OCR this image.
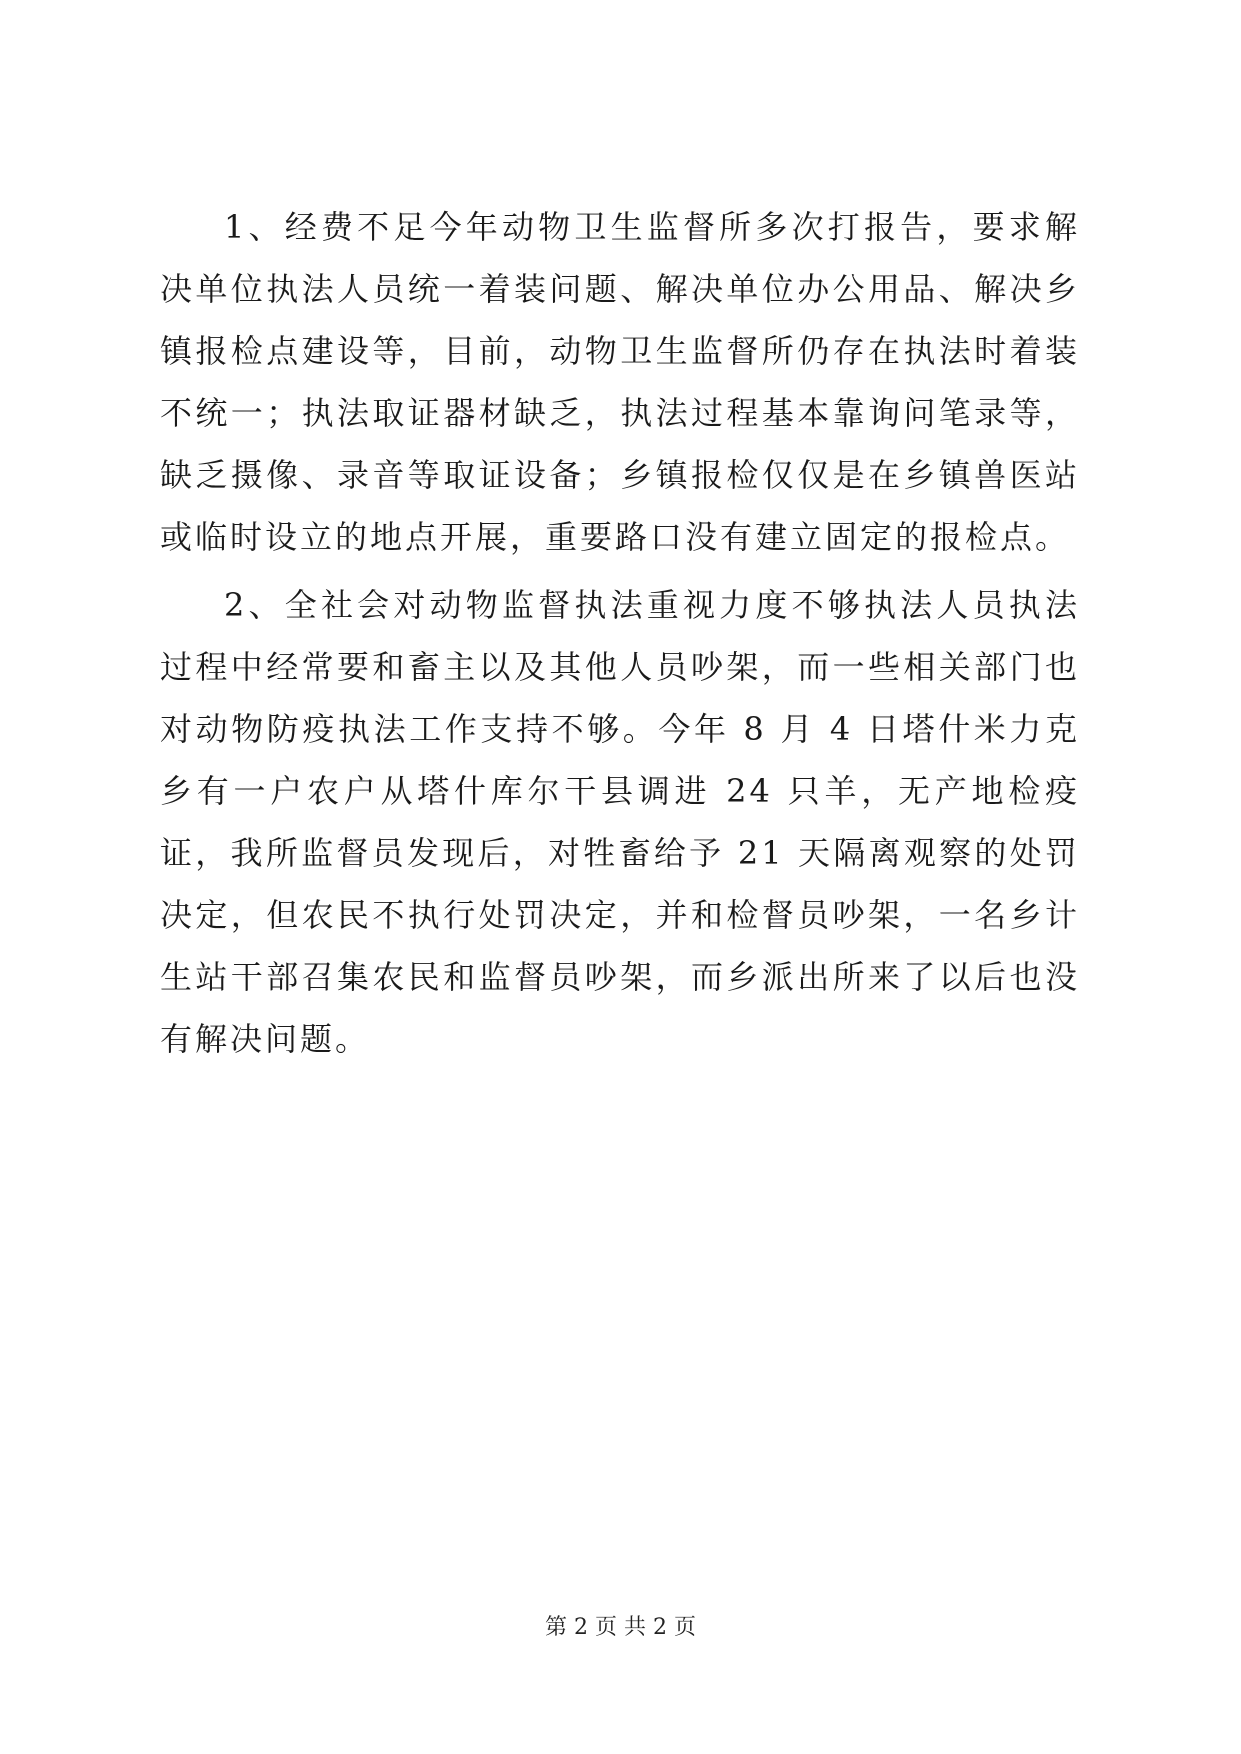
1、经费不足今年动物卫生监督所多次打报告，要求解决单位执法人员统一着装问题、解决单位办公用品、解决乡镇报检点建设等，目前，动物卫生监督所仍存在执法时着装不统一；执法取证器材缺乏，执法过程基本靠询问笔录等，缺乏摄像、录音等取证设备；乡镇报检仅仅是在乡镇兽医站或临时设立的地点开展，重要路口没有建立固定的报检点。

2、全社会对动物监督执法重视力度不够执法人员执法过程中经常要和畜主以及其他人员吵架，而一些相关部门也对动物防疫执法工作支持不够。今年 8 月 4 日塔什米力克乡有一户农户从塔什库尔干县调进 24 只羊，无产地检疫证，我所监督员发现后，对牲畜给予 21 天隔离观察的处罚决定，但农民不执行处罚决定，并和检督员吵架，一名乡计生站干部召集农民和监督员吵架，而乡派出所来了以后也没有解决问题。

第 2 页 共 2 页
